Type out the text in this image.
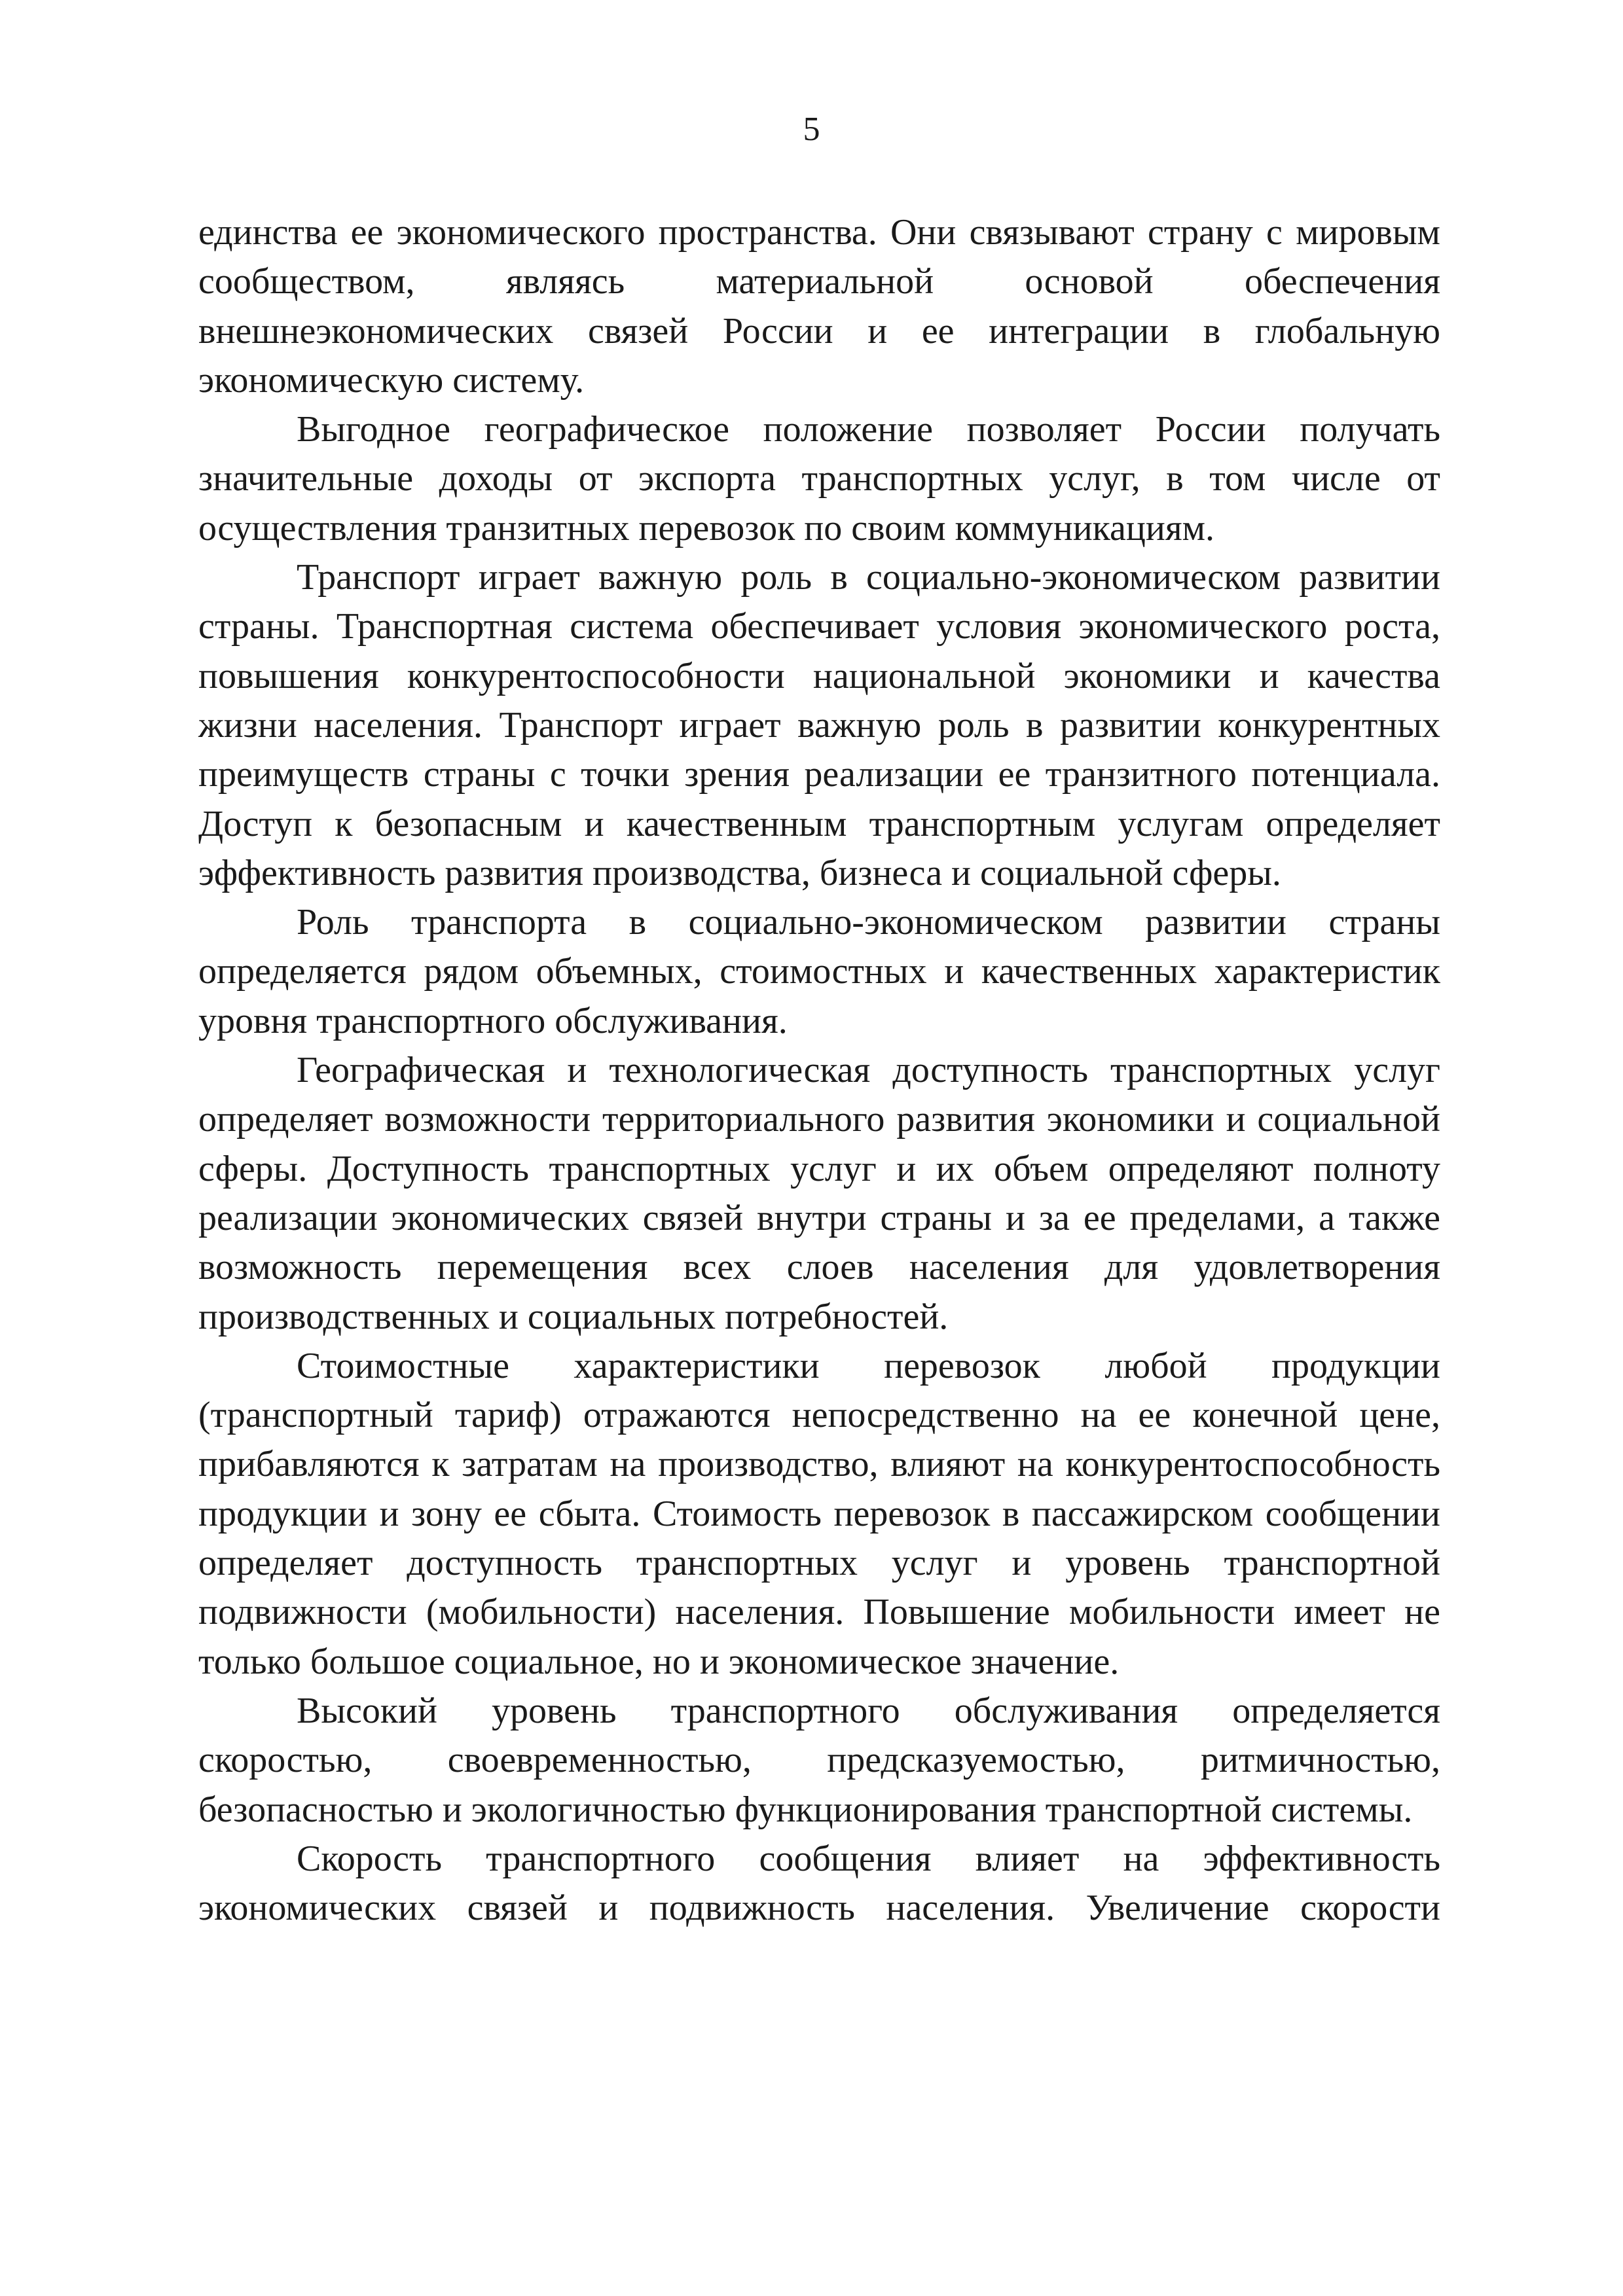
5

единства ее экономического пространства. Они связывают страну с мировым сообществом, являясь материальной основой обеспечения внешнеэкономических связей России и ее интеграции в глобальную экономическую систему.

Выгодное географическое положение позволяет России получать значительные доходы от экспорта транспортных услуг, в том числе от осуществления транзитных перевозок по своим коммуникациям.

Транспорт играет важную роль в социально-экономическом развитии страны. Транспортная система обеспечивает условия экономического роста, повышения конкурентоспособности национальной экономики и качества жизни населения. Транспорт играет важную роль в развитии конкурентных преимуществ страны с точки зрения реализации ее транзитного потенциала. Доступ к безопасным и качественным транспортным услугам определяет эффективность развития производства, бизнеса и социальной сферы.

Роль транспорта в социально-экономическом развитии страны определяется рядом объемных, стоимостных и качественных характеристик уровня транспортного обслуживания.

Географическая и технологическая доступность транспортных услуг определяет возможности территориального развития экономики и социальной сферы. Доступность транспортных услуг и их объем определяют полноту реализации экономических связей внутри страны и за ее пределами, а также возможность перемещения всех слоев населения для удовлетворения производственных и социальных потребностей.

Стоимостные характеристики перевозок любой продукции (транспортный тариф) отражаются непосредственно на ее конечной цене, прибавляются к затратам на производство, влияют на конкурентоспособность продукции и зону ее сбыта. Стоимость перевозок в пассажирском сообщении определяет доступность транспортных услуг и уровень транспортной подвижности (мобильности) населения. Повышение мобильности имеет не только большое социальное, но и экономическое значение.

Высокий уровень транспортного обслуживания определяется скоростью, своевременностью, предсказуемостью, ритмичностью, безопасностью и экологичностью функционирования транспортной системы.

Скорость транспортного сообщения влияет на эффективность экономических связей и подвижность населения. Увеличение скорости
